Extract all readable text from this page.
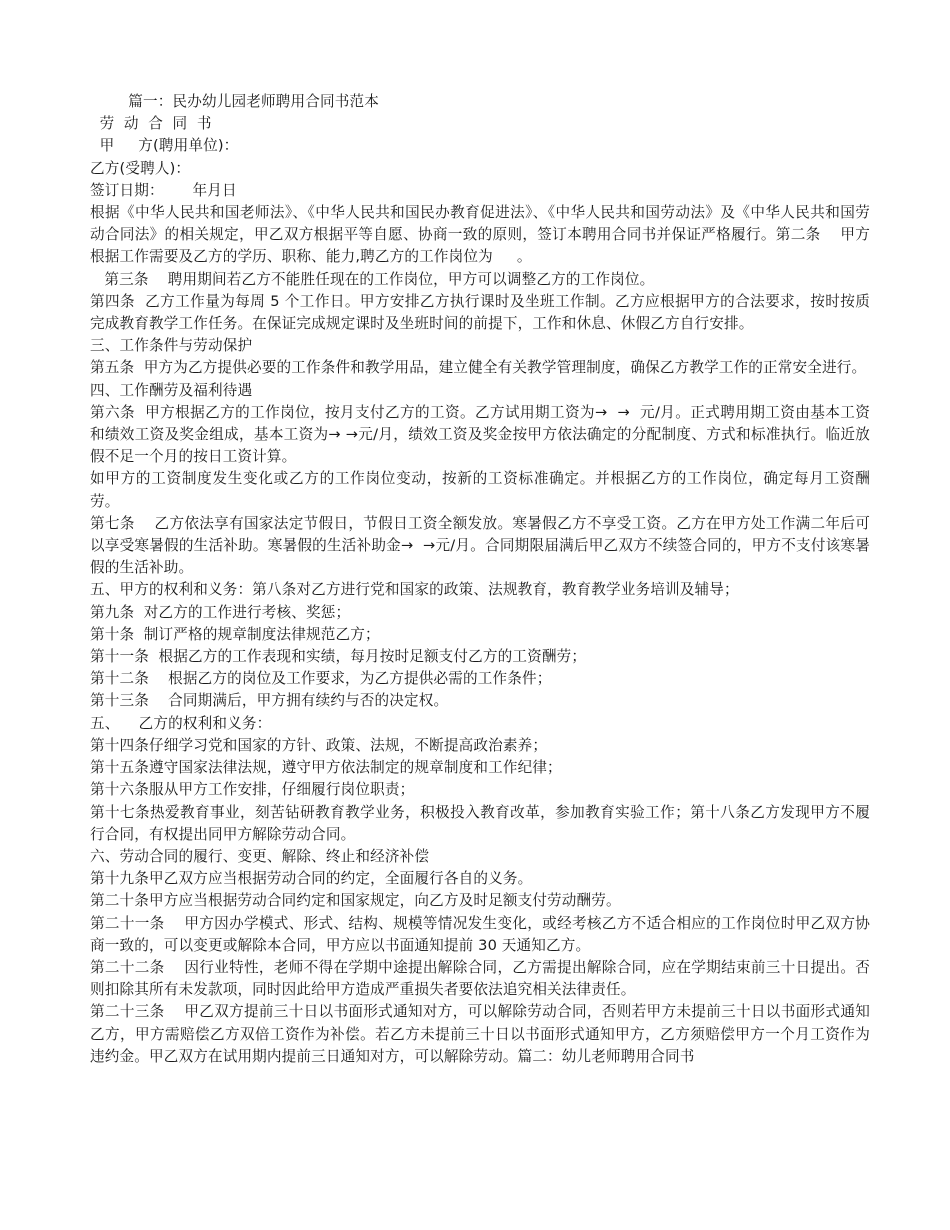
篇一：民办幼儿园老师聘用合同书范本

劳  动  合  同  书

甲     方(聘用单位)：

乙方(受聘人)：

签订日期：      年月日

根据《中华人民共和国老师法》、《中华人民共和国民办教育促进法》、《中华人民共和国劳动法》及《中华人民共和国劳动合同法》的相关规定，甲乙双方根据平等自愿、协商一致的原则，签订本聘用合同书并保证严格履行。第二条    甲方根据工作需要及乙方的学历、职称、能力,聘乙方的工作岗位为     。

第三条    聘用期间若乙方不能胜任现在的工作岗位，甲方可以调整乙方的工作岗位。

第四条  乙方工作量为每周 5 个工作日。甲方安排乙方执行课时及坐班工作制。乙方应根据甲方的合法要求，按时按质完成教育教学工作任务。在保证完成规定课时及坐班时间的前提下，工作和休息、休假乙方自行安排。

三、工作条件与劳动保护

第五条  甲方为乙方提供必要的工作条件和教学用品，建立健全有关教学管理制度，确保乙方教学工作的正常安全进行。

四、工作酬劳及福利待遇

第六条  甲方根据乙方的工作岗位，按月支付乙方的工资。乙方试用期工资为→  →  元/月。正式聘用期工资由基本工资和绩效工资及奖金组成，基本工资为→ →元/月，绩效工资及奖金按甲方依法确定的分配制度、方式和标准执行。临近放假不足一个月的按日工资计算。

如甲方的工资制度发生变化或乙方的工作岗位变动，按新的工资标准确定。并根据乙方的工作岗位，确定每月工资酬劳。

第七条    乙方依法享有国家法定节假日，节假日工资全额发放。寒暑假乙方不享受工资。乙方在甲方处工作满二年后可以享受寒暑假的生活补助。寒暑假的生活补助金→  →元/月。合同期限届满后甲乙双方不续签合同的，甲方不支付该寒暑假的生活补助。

五、甲方的权利和义务：第八条对乙方进行党和国家的政策、法规教育，教育教学业务培训及辅导；

第九条  对乙方的工作进行考核、奖惩；

第十条  制订严格的规章制度法律规范乙方；

第十一条  根据乙方的工作表现和实绩，每月按时足额支付乙方的工资酬劳；

第十二条    根据乙方的岗位及工作要求，为乙方提供必需的工作条件；

第十三条    合同期满后，甲方拥有续约与否的决定权。

五、    乙方的权利和义务：

第十四条仔细学习党和国家的方针、政策、法规，不断提高政治素养；

第十五条遵守国家法律法规，遵守甲方依法制定的规章制度和工作纪律；

第十六条服从甲方工作安排，仔细履行岗位职责；

第十七条热爱教育事业，刻苦钻研教育教学业务，积极投入教育改革，参加教育实验工作；第十八条乙方发现甲方不履行合同，有权提出同甲方解除劳动合同。

六、劳动合同的履行、变更、解除、终止和经济补偿

第十九条甲乙双方应当根据劳动合同的约定，全面履行各自的义务。

第二十条甲方应当根据劳动合同约定和国家规定，向乙方及时足额支付劳动酬劳。

第二十一条    甲方因办学模式、形式、结构、规模等情况发生变化，或经考核乙方不适合相应的工作岗位时甲乙双方协商一致的，可以变更或解除本合同，甲方应以书面通知提前 30 天通知乙方。

第二十二条    因行业特性，老师不得在学期中途提出解除合同，乙方需提出解除合同，应在学期结束前三十日提出。否则扣除其所有未发款项，同时因此给甲方造成严重损失者要依法追究相关法律责任。

第二十三条    甲乙双方提前三十日以书面形式通知对方，可以解除劳动合同，否则若甲方未提前三十日以书面形式通知乙方，甲方需赔偿乙方双倍工资作为补偿。若乙方未提前三十日以书面形式通知甲方，乙方须赔偿甲方一个月工资作为违约金。甲乙双方在试用期内提前三日通知对方，可以解除劳动。篇二：幼儿老师聘用合同书
